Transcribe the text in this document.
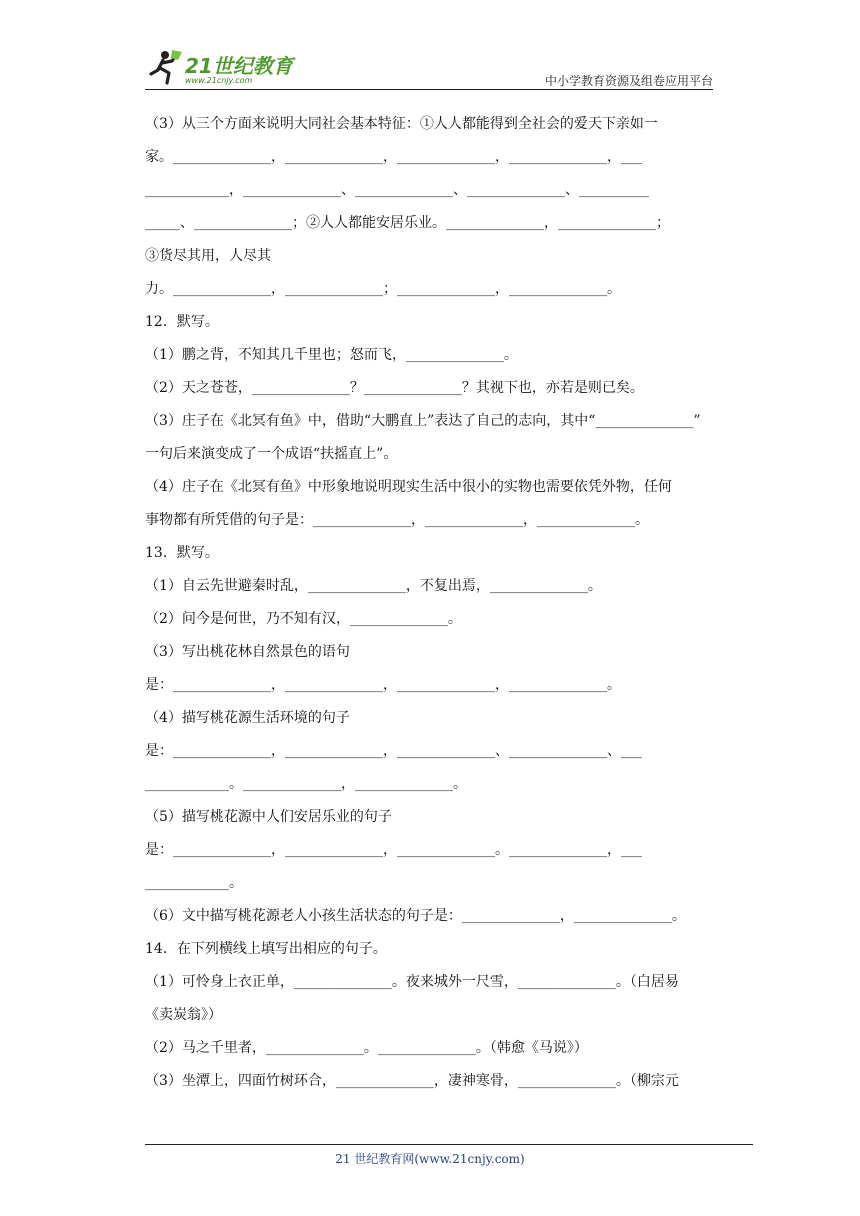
21世纪教育
www.21cnjy.com	中小学教育资源及组卷应用平台
（3）从三个方面来说明大同社会基本特征：①人人都能得到全社会的爱天下亲如一
家。______________，______________，______________，______________，___
____________，______________、______________、______________、__________
_____、______________；②人人都能安居乐业。______________，______________；
③货尽其用，人尽其
力。______________，______________；______________，______________。
12．默写。
（1）鹏之背，不知其几千里也；怒而飞，______________。
（2）天之苍苍，______________？______________？其视下也，亦若是则已矣。
（3）庄子在《北冥有鱼》中，借助“大鹏直上”表达了自己的志向，其中“______________”
一句后来演变成了一个成语“扶摇直上”。
（4）庄子在《北冥有鱼》中形象地说明现实生活中很小的实物也需要依凭外物，任何
事物都有所凭借的句子是：______________，______________，______________。
13．默写。
（1）自云先世避秦时乱，______________，不复出焉，______________。
（2）问今是何世，乃不知有汉，______________。
（3）写出桃花林自然景色的语句
是：______________，______________，______________，______________。
（4）描写桃花源生活环境的句子
是：______________，______________，______________、______________、___
____________。______________，______________。
（5）描写桃花源中人们安居乐业的句子
是：______________，______________，______________。______________，___
____________。
（6）文中描写桃花源老人小孩生活状态的句子是：______________，______________。
14．在下列横线上填写出相应的句子。
（1）可怜身上衣正单，______________。夜来城外一尺雪，______________。（白居易
《卖炭翁》）
（2）马之千里者，______________。______________。（韩愈《马说》）
（3）坐潭上，四面竹树环合，______________，凄神寒骨，______________。（柳宗元
21 世纪教育网(www.21cnjy.com)
